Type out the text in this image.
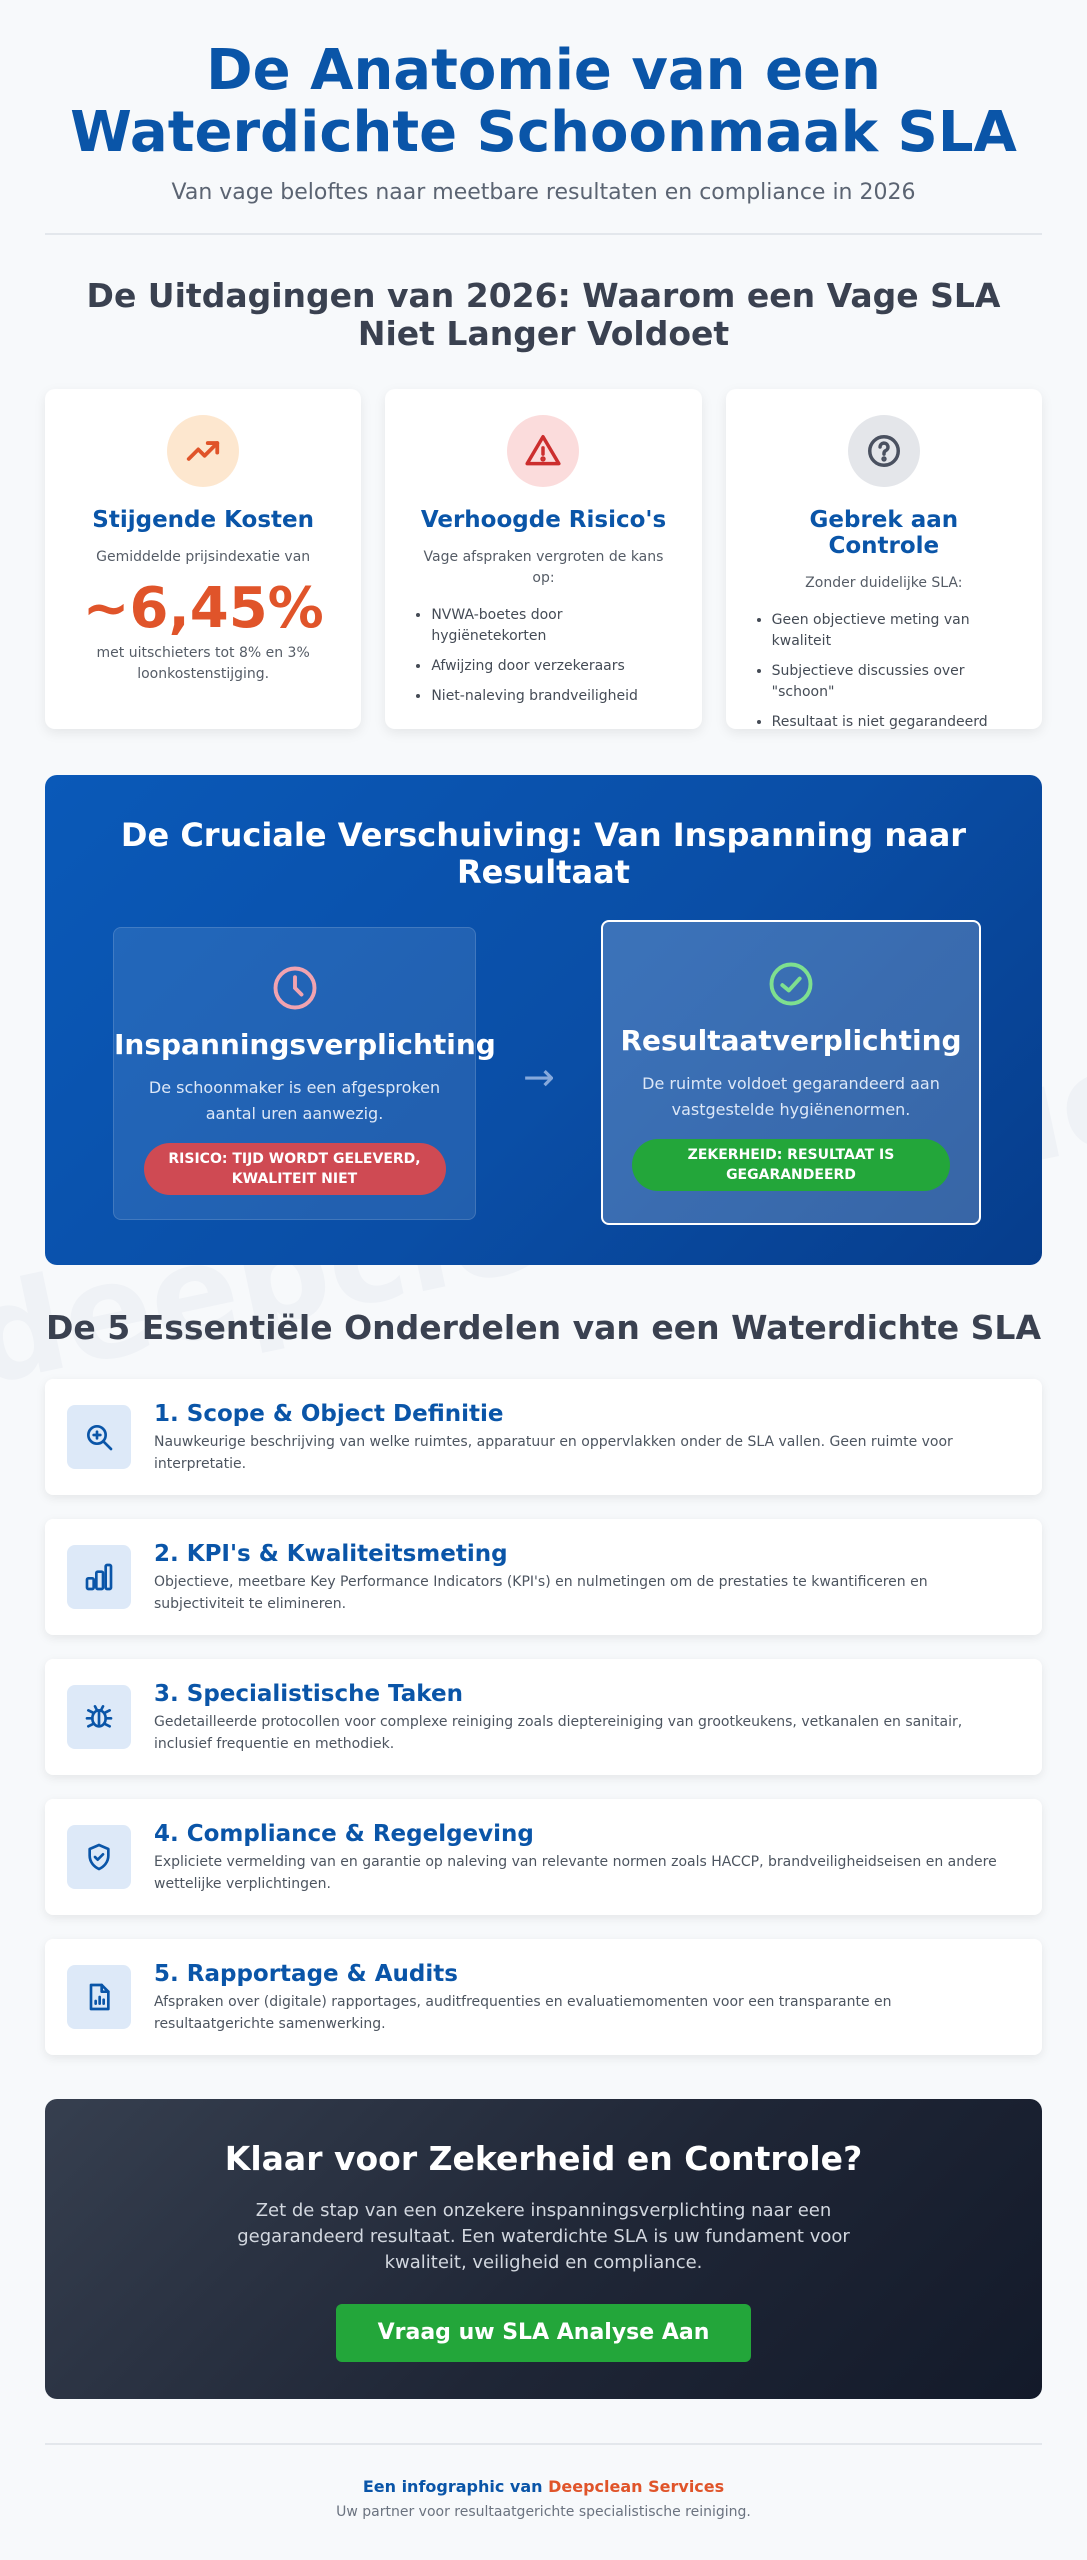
De Anatomie van een
Waterdichte Schoonmaak SLA

Van vage beloftes naar meetbare resultaten en compliance in 2026

De Uitdagingen van 2026: Waarom een Vage SLA Niet Langer Voldoet
Stijgende Kosten

Gemiddelde prijsindexatie van

~6,45%

met uitschieters tot 8% en 3% loonkostenstijging.

Verhoogde Risico's

Vage afspraken vergroten de kans op:

• NVWA-boetes door hygiënetekorten
• Afwijzing door verzekeraars
• Niet-naleving brandveiligheid
Gebrek aan Controle

Zonder duidelijke SLA:

• Geen objectieve meting van kwaliteit
• Subjectieve discussies over "schoon"
• Resultaat is niet gegarandeerd
De Cruciale Verschuiving: Van Inspanning naar Resultaat
Inspanningsverplichting

De schoonmaker is een afgesproken aantal uren aanwezig.

RISICO: TIJD WORDT GELEVERD, KWALITEIT NIET
→
Resultaatverplichting

De ruimte voldoet gegarandeerd aan vastgestelde hygiënenormen.

ZEKERHEID: RESULTAAT IS GEGARANDEERD
De 5 Essentiële Onderdelen van een Waterdichte SLA
1. Scope & Object Definitie

Nauwkeurige beschrijving van welke ruimtes, apparatuur en oppervlakken onder de SLA vallen. Geen ruimte voor interpretatie.

2. KPI's & Kwaliteitsmeting

Objectieve, meetbare Key Performance Indicators (KPI's) en nulmetingen om de prestaties te kwantificeren en subjectiviteit te elimineren.

3. Specialistische Taken

Gedetailleerde protocollen voor complexe reiniging zoals dieptereiniging van grootkeukens, vetkanalen en sanitair, inclusief frequentie en methodiek.

4. Compliance & Regelgeving

Expliciete vermelding van en garantie op naleving van relevante normen zoals HACCP, brandveiligheidseisen en andere wettelijke verplichtingen.

5. Rapportage & Audits

Afspraken over (digitale) rapportages, auditfrequenties en evaluatiemomenten voor een transparante en resultaatgerichte samenwerking.

Klaar voor Zekerheid en Controle?

Zet de stap van een onzekere inspanningsverplichting naar een gegarandeerd resultaat. Een waterdichte SLA is uw fundament voor kwaliteit, veiligheid en compliance.

Vraag uw SLA Analyse Aan
Een infographic van Deepclean Services
Uw partner voor resultaatgerichte specialistische reiniging.
